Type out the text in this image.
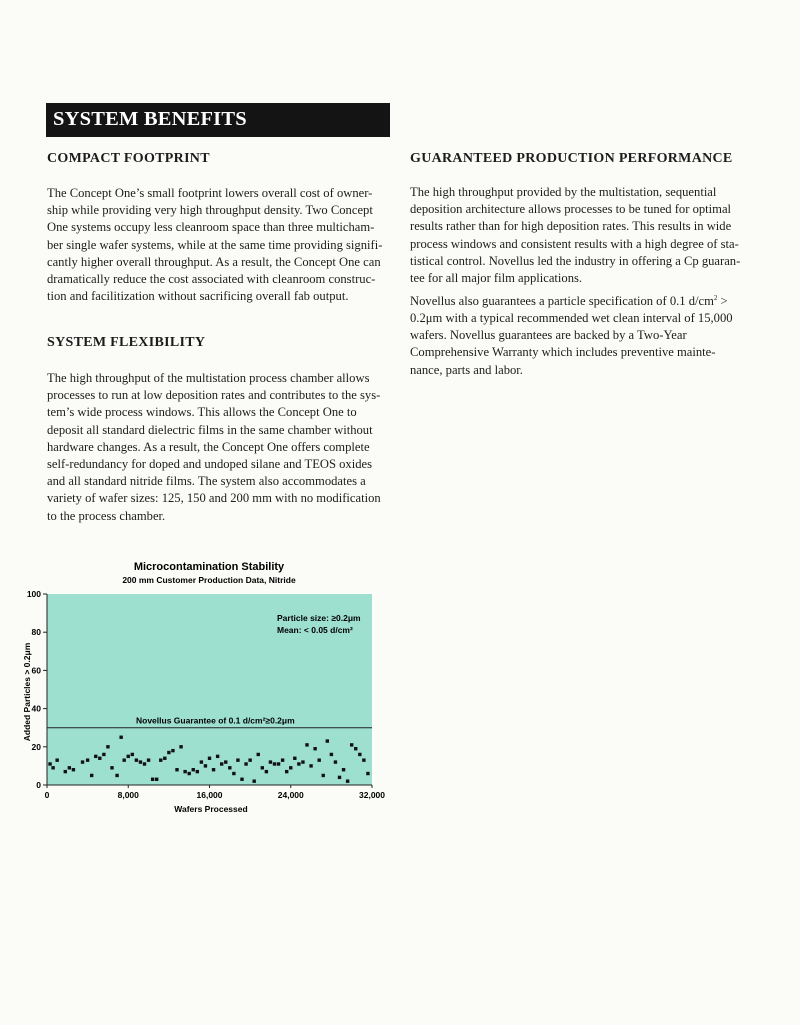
SYSTEM BENEFITS
COMPACT FOOTPRINT
The Concept One’s small footprint lowers overall cost of owner-
ship while providing very high throughput density. Two Concept
One systems occupy less cleanroom space than three multicham-
ber single wafer systems, while at the same time providing signifi-
cantly higher overall throughput. As a result, the Concept One can
dramatically reduce the cost associated with cleanroom construc-
tion and facilitization without sacrificing overall fab output.
SYSTEM FLEXIBILITY
The high throughput of the multistation process chamber allows
processes to run at low deposition rates and contributes to the sys-
tem’s wide process windows. This allows the Concept One to
deposit all standard dielectric films in the same chamber without
hardware changes. As a result, the Concept One offers complete
self-redundancy for doped and undoped silane and TEOS oxides
and all standard nitride films. The system also accommodates a
variety of wafer sizes: 125, 150 and 200 mm with no modification
to the process chamber.
GUARANTEED PRODUCTION PERFORMANCE
The high throughput provided by the multistation, sequential
deposition architecture allows processes to be tuned for optimal
results rather than for high deposition rates. This results in wide
process windows and consistent results with a high degree of sta-
tistical control. Novellus led the industry in offering a Cp guaran-
tee for all major film applications.
Novellus also guarantees a particle specification of 0.1 $d/cm^2$ >
0.2μm with a typical recommended wet clean interval of 15,000
wafers. Novellus guarantees are backed by a Two-Year
Comprehensive Warranty which includes preventive mainte-
nance, parts and labor.
Microcontamination Stability
200 mm Customer Production Data, Nitride
0
20
40
60
80
100
0	8,000	16,000	24,000	32,000
Novellus Guarantee of 0.1 d/cm²≥0.2μm
Particle size: ≥0.2μm
Mean: < 0.05 d/cm²
Wafers Processed
Added Particles > 0.2μm
